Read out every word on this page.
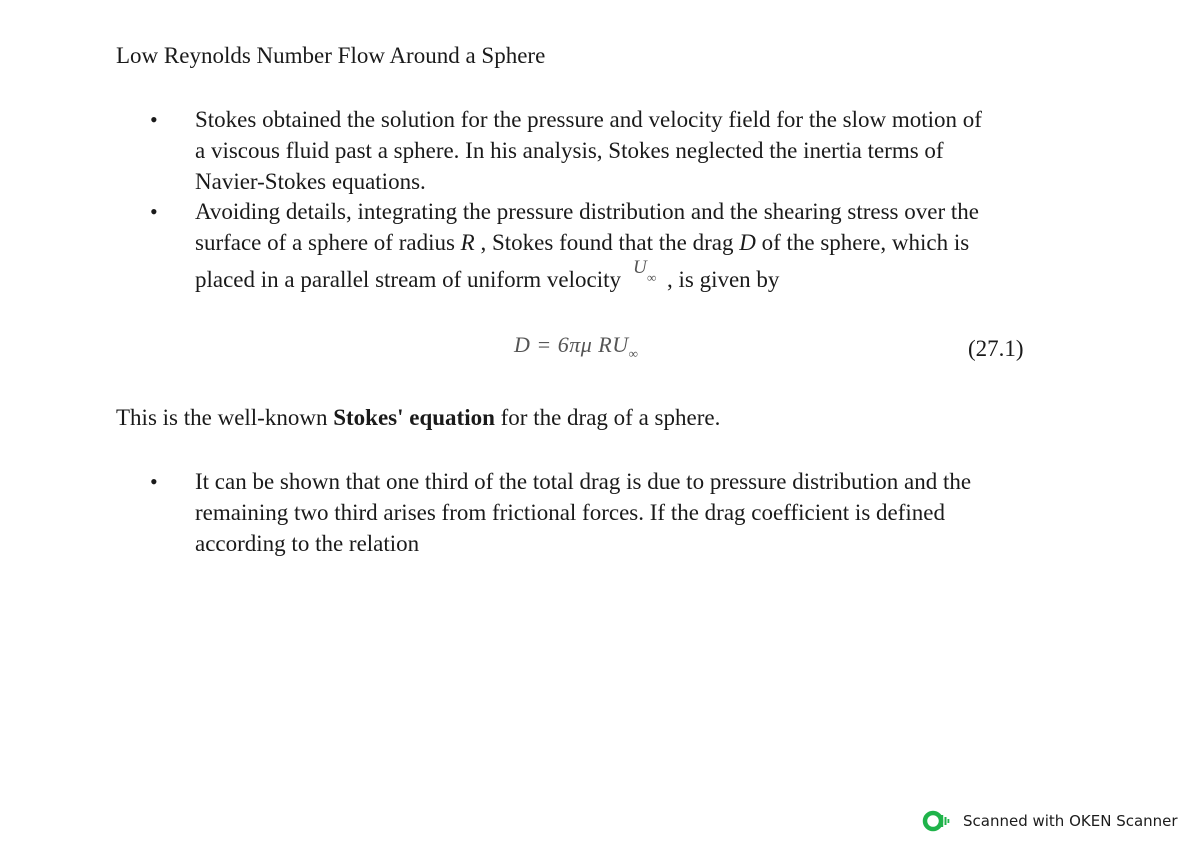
Low Reynolds Number Flow Around a Sphere
• Stokes obtained the solution for the pressure and velocity field for the slow motion of
a viscous fluid past a sphere. In his analysis, Stokes neglected the inertia terms of
Navier-Stokes equations.
• Avoiding details, integrating the pressure distribution and the shearing stress over the
surface of a sphere of radius R , Stokes found that the drag D of the sphere, which is
placed in a parallel stream of uniform velocity U ∞ , is given by
D = 6πμ $RU_\infty$	(27.1)
This is the well-known Stokes' equation for the drag of a sphere.
• It can be shown that one third of the total drag is due to pressure distribution and the
remaining two third arises from frictional forces. If the drag coefficient is defined
according to the relation
Scanned with OKEN Scanner
